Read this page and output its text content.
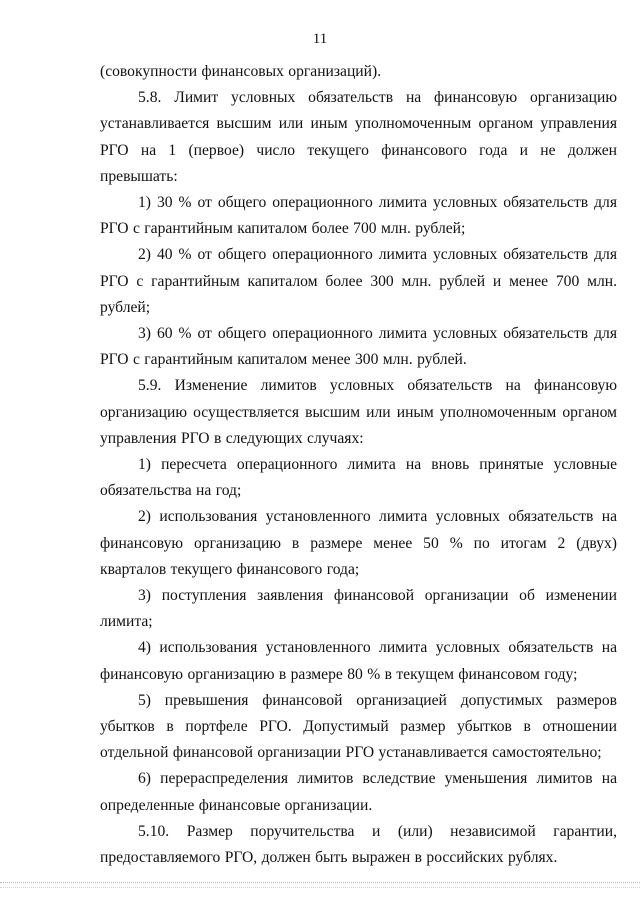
11

(совокупности финансовых организаций).

5.8. Лимит условных обязательств на финансовую организацию устанавливается высшим или иным уполномоченным органом управления РГО на 1 (первое) число текущего финансового года и не должен превышать:

1) 30 % от общего операционного лимита условных обязательств для РГО с гарантийным капиталом более 700 млн. рублей;

2) 40 % от общего операционного лимита условных обязательств для РГО с гарантийным капиталом более 300 млн. рублей и менее 700 млн. рублей;

3) 60 % от общего операционного лимита условных обязательств для РГО с гарантийным капиталом менее 300 млн. рублей.

5.9. Изменение лимитов условных обязательств на финансовую организацию осуществляется высшим или иным уполномоченным органом управления РГО в следующих случаях:

1) пересчета операционного лимита на вновь принятые условные обязательства на год;

2) использования установленного лимита условных обязательств на финансовую организацию в размере менее 50 % по итогам 2 (двух) кварталов текущего финансового года;

3) поступления заявления финансовой организации об изменении лимита;

4) использования установленного лимита условных обязательств на финансовую организацию в размере 80 % в текущем финансовом году;

5) превышения финансовой организацией допустимых размеров убытков в портфеле РГО. Допустимый размер убытков в отношении отдельной финансовой организации РГО устанавливается самостоятельно;

6) перераспределения лимитов вследствие уменьшения лимитов на определенные финансовые организации.

5.10. Размер поручительства и (или) независимой гарантии, предоставляемого РГО, должен быть выражен в российских рублях.
